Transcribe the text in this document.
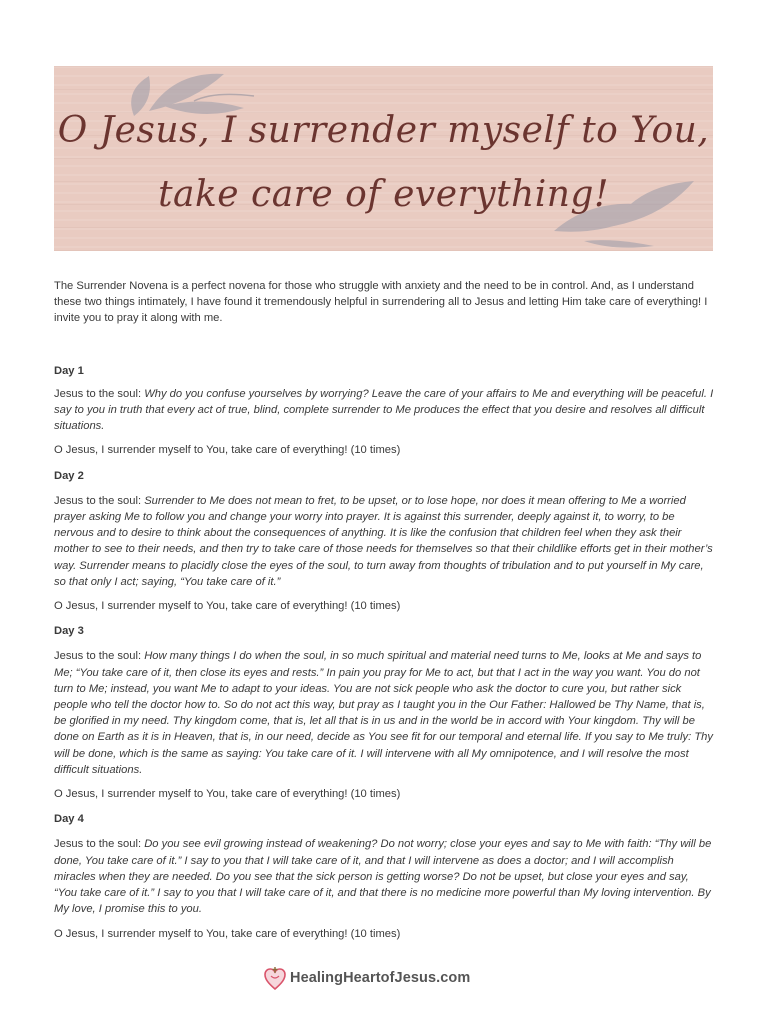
O Jesus, I surrender myself to You,
take care of everything!

The Surrender Novena is a perfect novena for those who struggle with anxiety and the need to be in control. And, as I understand these two things intimately, I have found it tremendously helpful in surrendering all to Jesus and letting Him take care of everything! I invite you to pray it along with me.

Day 1

Jesus to the soul: Why do you confuse yourselves by worrying? Leave the care of your affairs to Me and everything will be peaceful. I say to you in truth that every act of true, blind, complete surrender to Me produces the effect that you desire and resolves all difficult situations.

O Jesus, I surrender myself to You, take care of everything! (10 times)

Day 2

Jesus to the soul: Surrender to Me does not mean to fret, to be upset, or to lose hope, nor does it mean offering to Me a worried prayer asking Me to follow you and change your worry into prayer. It is against this surrender, deeply against it, to worry, to be nervous and to desire to think about the consequences of anything. It is like the confusion that children feel when they ask their mother to see to their needs, and then try to take care of those needs for themselves so that their childlike efforts get in their mother’s way. Surrender means to placidly close the eyes of the soul, to turn away from thoughts of tribulation and to put yourself in My care, so that only I act; saying, “You take care of it.”

O Jesus, I surrender myself to You, take care of everything! (10 times)

Day 3

Jesus to the soul: How many things I do when the soul, in so much spiritual and material need turns to Me, looks at Me and says to Me; “You take care of it, then close its eyes and rests.” In pain you pray for Me to act, but that I act in the way you want. You do not turn to Me; instead, you want Me to adapt to your ideas. You are not sick people who ask the doctor to cure you, but rather sick people who tell the doctor how to. So do not act this way, but pray as I taught you in the Our Father: Hallowed be Thy Name, that is, be glorified in my need. Thy kingdom come, that is, let all that is in us and in the world be in accord with Your kingdom. Thy will be done on Earth as it is in Heaven, that is, in our need, decide as You see fit for our temporal and eternal life. If you say to Me truly: Thy will be done, which is the same as saying: You take care of it. I will intervene with all My omnipotence, and I will resolve the most difficult situations.

O Jesus, I surrender myself to You, take care of everything! (10 times)

Day 4

Jesus to the soul: Do you see evil growing instead of weakening? Do not worry; close your eyes and say to Me with faith: “Thy will be done, You take care of it.” I say to you that I will take care of it, and that I will intervene as does a doctor; and I will accomplish miracles when they are needed. Do you see that the sick person is getting worse? Do not be upset, but close your eyes and say, “You take care of it.” I say to you that I will take care of it, and that there is no medicine more powerful than My loving intervention. By My love, I promise this to you.

O Jesus, I surrender myself to You, take care of everything! (10 times)

HealingHeartofJesus.com
